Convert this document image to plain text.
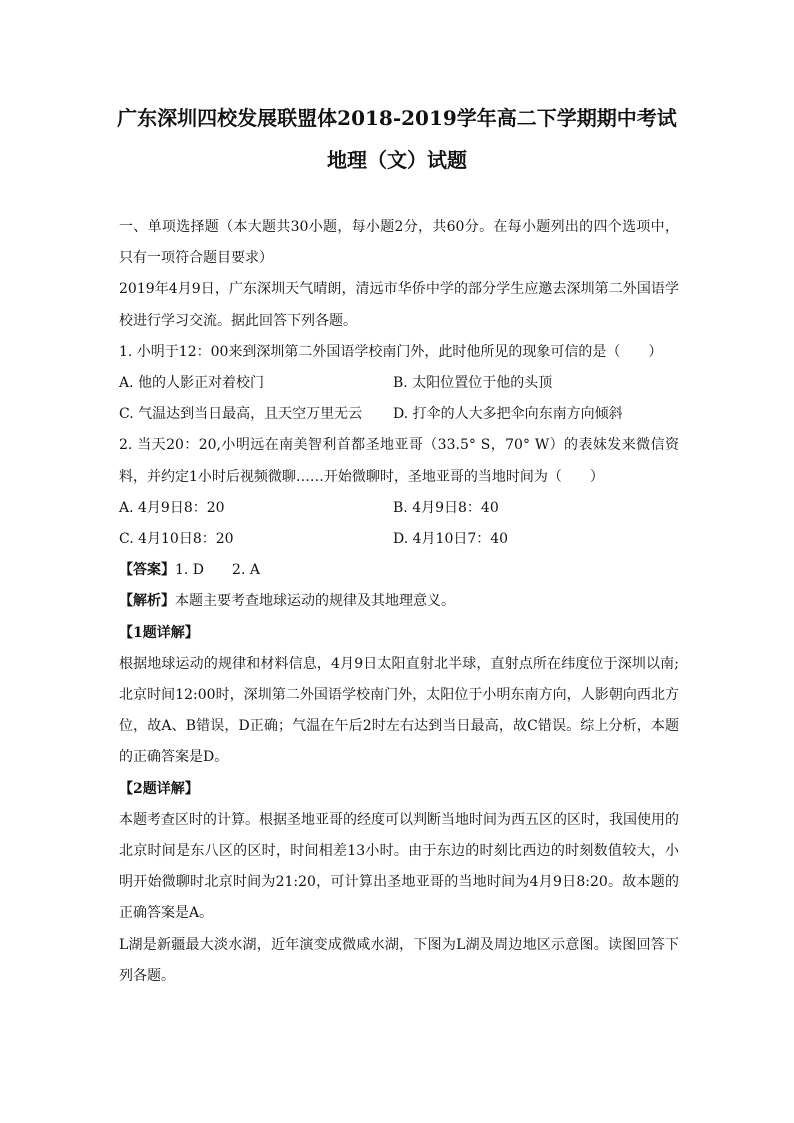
广东深圳四校发展联盟体2018-2019学年高二下学期期中考试
地理（文）试题

一、单项选择题（本大题共30小题，每小题2分，共60分。在每小题列出的四个选项中，只有一项符合题目要求）

2019年4月9日，广东深圳天气晴朗，清远市华侨中学的部分学生应邀去深圳第二外国语学校进行学习交流。据此回答下列各题。

1. 小明于12：00来到深圳第二外国语学校南门外，此时他所见的现象可信的是（　　）

A. 他的人影正对着校门	B. 太阳位置位于他的头顶
C. 气温达到当日最高，且天空万里无云	D. 打伞的人大多把伞向东南方向倾斜

2. 当天20：20,小明远在南美智利首都圣地亚哥（33.5° S，70° W）的表妹发来微信资料，并约定1小时后视频微聊……开始微聊时，圣地亚哥的当地时间为（　　）

A. 4月9日8：20	B. 4月9日8：40
C. 4月10日8：20	D. 4月10日7：40

【答案】1. D　　2. A

【解析】本题主要考查地球运动的规律及其地理意义。

【1题详解】

根据地球运动的规律和材料信息，4月9日太阳直射北半球，直射点所在纬度位于深圳以南;北京时间12:00时，深圳第二外国语学校南门外，太阳位于小明东南方向，人影朝向西北方位，故A、B错误，D正确；气温在午后2时左右达到当日最高，故C错误。综上分析，本题的正确答案是D。

【2题详解】

本题考查区时的计算。根据圣地亚哥的经度可以判断当地时间为西五区的区时，我国使用的北京时间是东八区的区时，时间相差13小时。由于东边的时刻比西边的时刻数值较大，小明开始微聊时北京时间为21:20，可计算出圣地亚哥的当地时间为4月9日8:20。故本题的正确答案是A。

L湖是新疆最大淡水湖，近年演变成微咸水湖，下图为L湖及周边地区示意图。读图回答下列各题。
